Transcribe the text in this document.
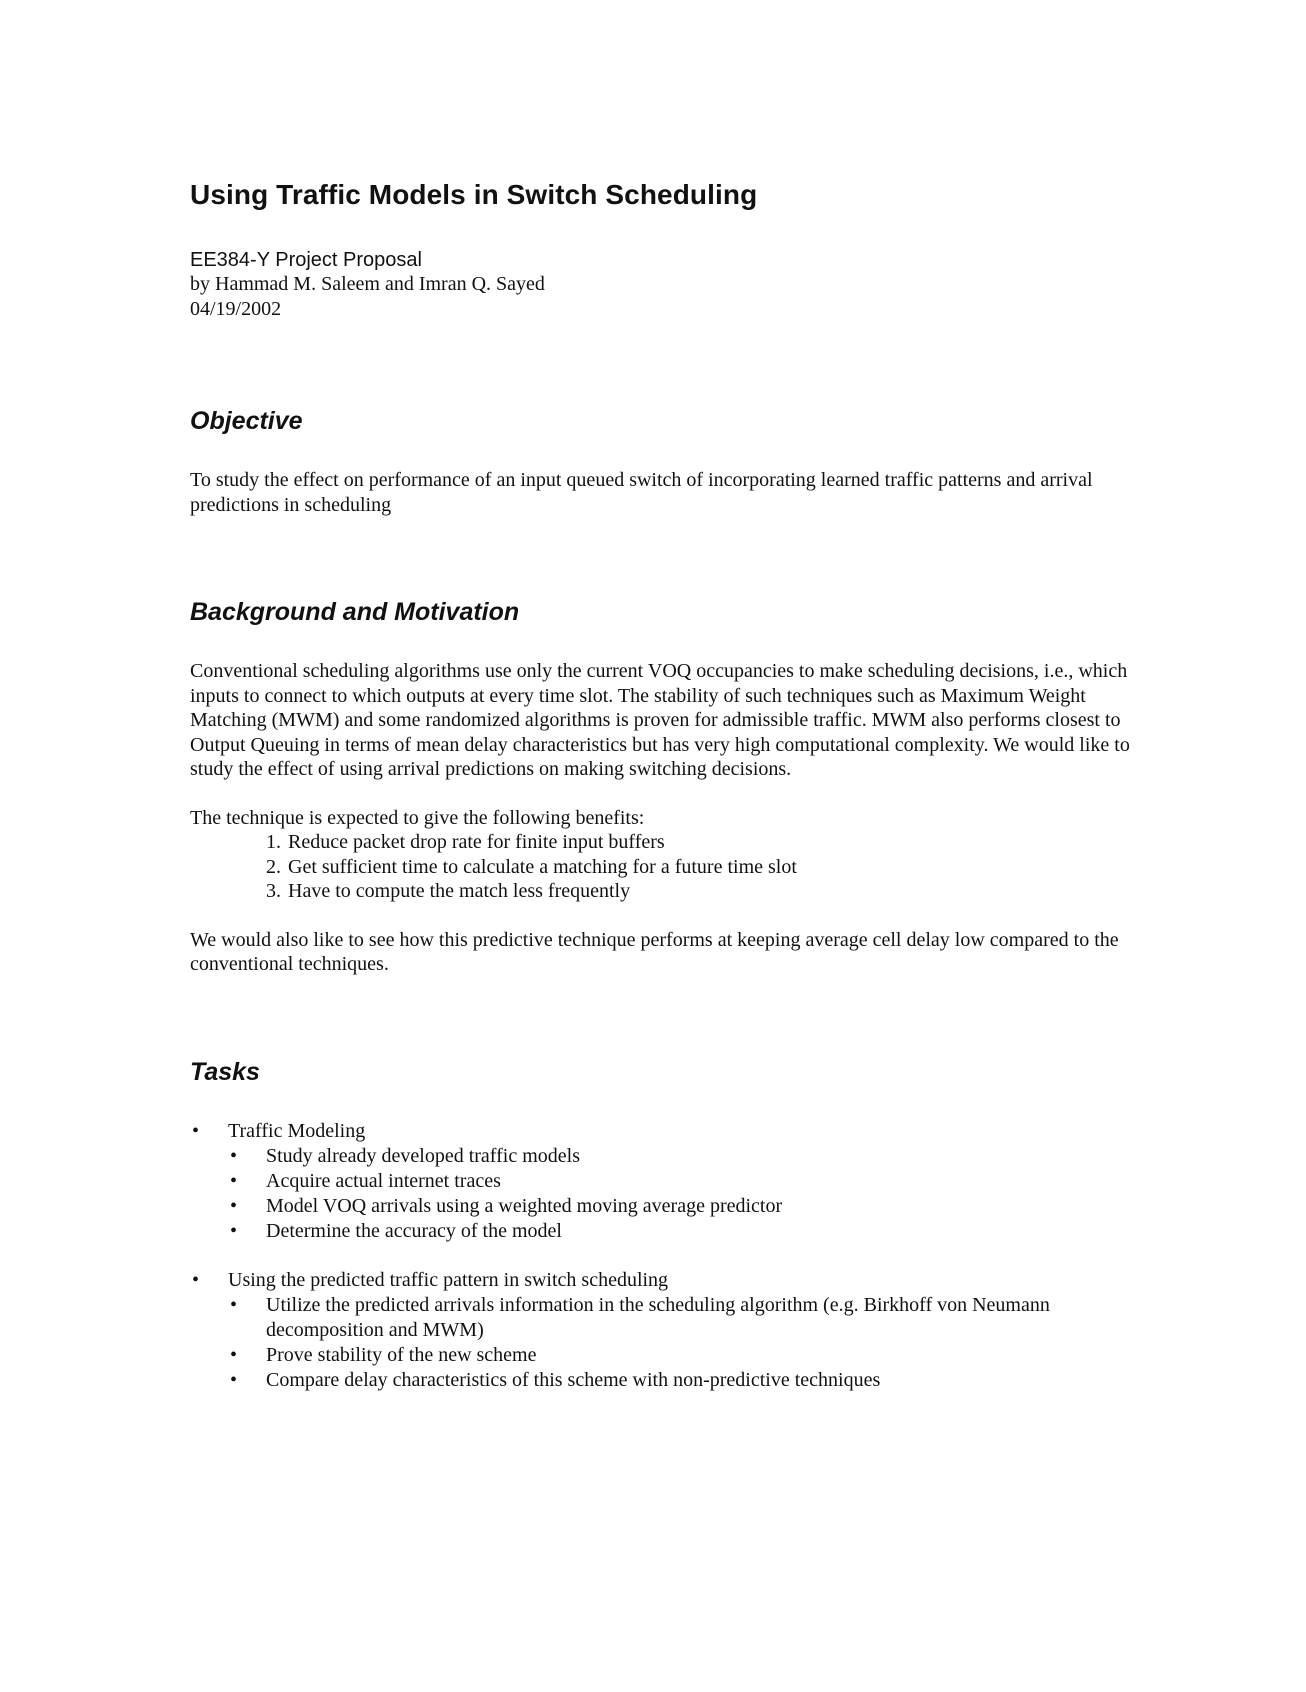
Using Traffic Models in Switch Scheduling

EE384-Y Project Proposal

by Hammad M. Saleem and Imran Q. Sayed

04/19/2002

Objective

To study the effect on performance of an input queued switch of incorporating learned traffic patterns and arrival predictions in scheduling

Background and Motivation

Conventional scheduling algorithms use only the current VOQ occupancies to make scheduling decisions, i.e., which inputs to connect to which outputs at every time slot. The stability of such techniques such as Maximum Weight Matching (MWM) and some randomized algorithms is proven for admissible traffic. MWM also performs closest to Output Queuing in terms of mean delay characteristics but has very high computational complexity. We would like to study the effect of using arrival predictions on making switching decisions.

The technique is expected to give the following benefits:

1. Reduce packet drop rate for finite input buffers
2. Get sufficient time to calculate a matching for a future time slot
3. Have to compute the match less frequently

We would also like to see how this predictive technique performs at keeping average cell delay low compared to the conventional techniques.

Tasks
• Traffic Modeling
• Study already developed traffic models
• Acquire actual internet traces
• Model VOQ arrivals using a weighted moving average predictor
• Determine the accuracy of the model
• Using the predicted traffic pattern in switch scheduling
• Utilize the predicted arrivals information in the scheduling algorithm (e.g. Birkhoff von Neumann decomposition and MWM)
• Prove stability of the new scheme
• Compare delay characteristics of this scheme with non-predictive techniques
